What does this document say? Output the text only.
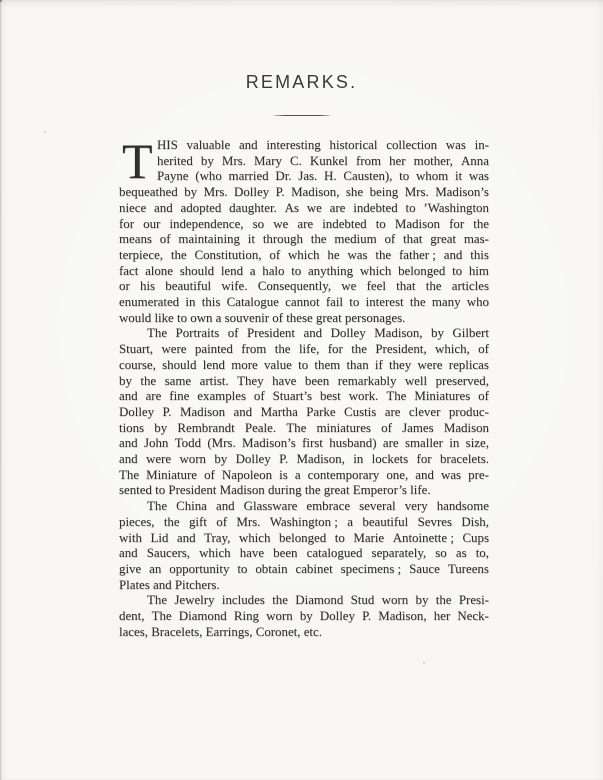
REMARKS.
T HIS valuable and interesting historical collection was in-
herited by Mrs. Mary C. Kunkel from her mother, Anna
Payne (who married Dr. Jas. H. Causten), to whom it was
bequeathed by Mrs. Dolley P. Madison, she being Mrs. Madison’s
niece and adopted daughter. As we are indebted to ’Washington
for our independence, so we are indebted to Madison for the
means of maintaining it through the medium of that great mas-
terpiece, the Constitution, of which he was the father ; and this
fact alone should lend a halo to anything which belonged to him
or his beautiful wife. Consequently, we feel that the articles
enumerated in this Catalogue cannot fail to interest the many who
would like to own a souvenir of these great personages.
The Portraits of President and Dolley Madison, by Gilbert
Stuart, were painted from the life, for the President, which, of
course, should lend more value to them than if they were replicas
by the same artist. They have been remarkably well preserved,
and are fine examples of Stuart’s best work. The Miniatures of
Dolley P. Madison and Martha Parke Custis are clever produc-
tions by Rembrandt Peale. The miniatures of James Madison
and John Todd (Mrs. Madison’s first husband) are smaller in size,
and were worn by Dolley P. Madison, in lockets for bracelets.
The Miniature of Napoleon is a contemporary one, and was pre-
sented to President Madison during the great Emperor’s life.
The China and Glassware embrace several very handsome
pieces, the gift of Mrs. Washington ; a beautiful Sevres Dish,
with Lid and Tray, which belonged to Marie Antoinette ; Cups
and Saucers, which have been catalogued separately, so as to,
give an opportunity to obtain cabinet specimens ; Sauce Tureens
Plates and Pitchers.
The Jewelry includes the Diamond Stud worn by the Presi-
dent, The Diamond Ring worn by Dolley P. Madison, her Neck-
laces, Bracelets, Earrings, Coronet, etc.
